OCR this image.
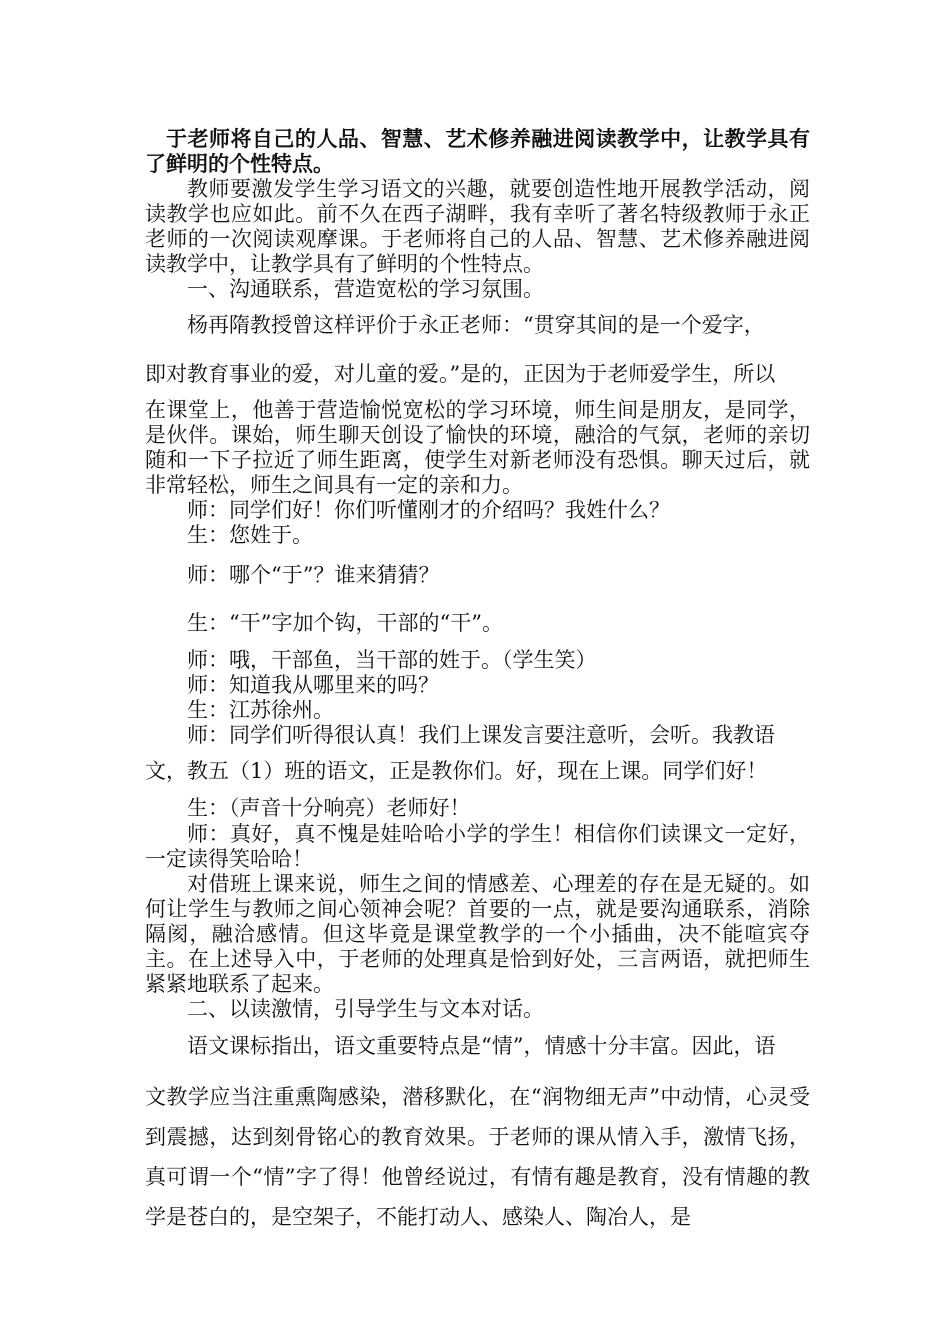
于老师将自己的人品、智慧、艺术修养融进阅读教学中，让教学具有了鲜明的个性特点。

教师要激发学生学习语文的兴趣，就要创造性地开展教学活动，阅读教学也应如此。前不久在西子湖畔，我有幸听了著名特级教师于永正老师的一次阅读观摩课。于老师将自己的人品、智慧、艺术修养融进阅读教学中，让教学具有了鲜明的个性特点。

一、沟通联系，营造宽松的学习氛围。

杨再隋教授曾这样评价于永正老师：“贯穿其间的是一个爱字，

即对教育事业的爱，对儿童的爱。”是的，正因为于老师爱学生，所以

在课堂上，他善于营造愉悦宽松的学习环境，师生间是朋友，是同学，是伙伴。课始，师生聊天创设了愉快的环境，融洽的气氛，老师的亲切随和一下子拉近了师生距离，使学生对新老师没有恐惧。聊天过后，就非常轻松，师生之间具有一定的亲和力。

师：同学们好！你们听懂刚才的介绍吗？我姓什么？

生：您姓于。

师：哪个“于”？谁来猜猜？

生：“干”字加个钩，干部的“干”。

师：哦，干部鱼，当干部的姓于。（学生笑）

师：知道我从哪里来的吗？

生：江苏徐州。

师：同学们听得很认真！我们上课发言要注意听，会听。我教语

文，教五（1）班的语文，正是教你们。好，现在上课。同学们好！

生：（声音十分响亮）老师好！

师：真好，真不愧是娃哈哈小学的学生！相信你们读课文一定好，一定读得笑哈哈！

对借班上课来说，师生之间的情感差、心理差的存在是无疑的。如何让学生与教师之间心领神会呢？首要的一点，就是要沟通联系，消除隔阂，融洽感情。但这毕竟是课堂教学的一个小插曲，决不能喧宾夺主。在上述导入中，于老师的处理真是恰到好处，三言两语，就把师生紧紧地联系了起来。

二、以读激情，引导学生与文本对话。

语文课标指出，语文重要特点是“情”，情感十分丰富。因此，语

文教学应当注重熏陶感染，潜移默化，在“润物细无声”中动情，心灵受到震撼，达到刻骨铭心的教育效果。于老师的课从情入手，激情飞扬，真可谓一个“情”字了得！他曾经说过，有情有趣是教育，没有情趣的教学是苍白的，是空架子，不能打动人、感染人、陶冶人，是
